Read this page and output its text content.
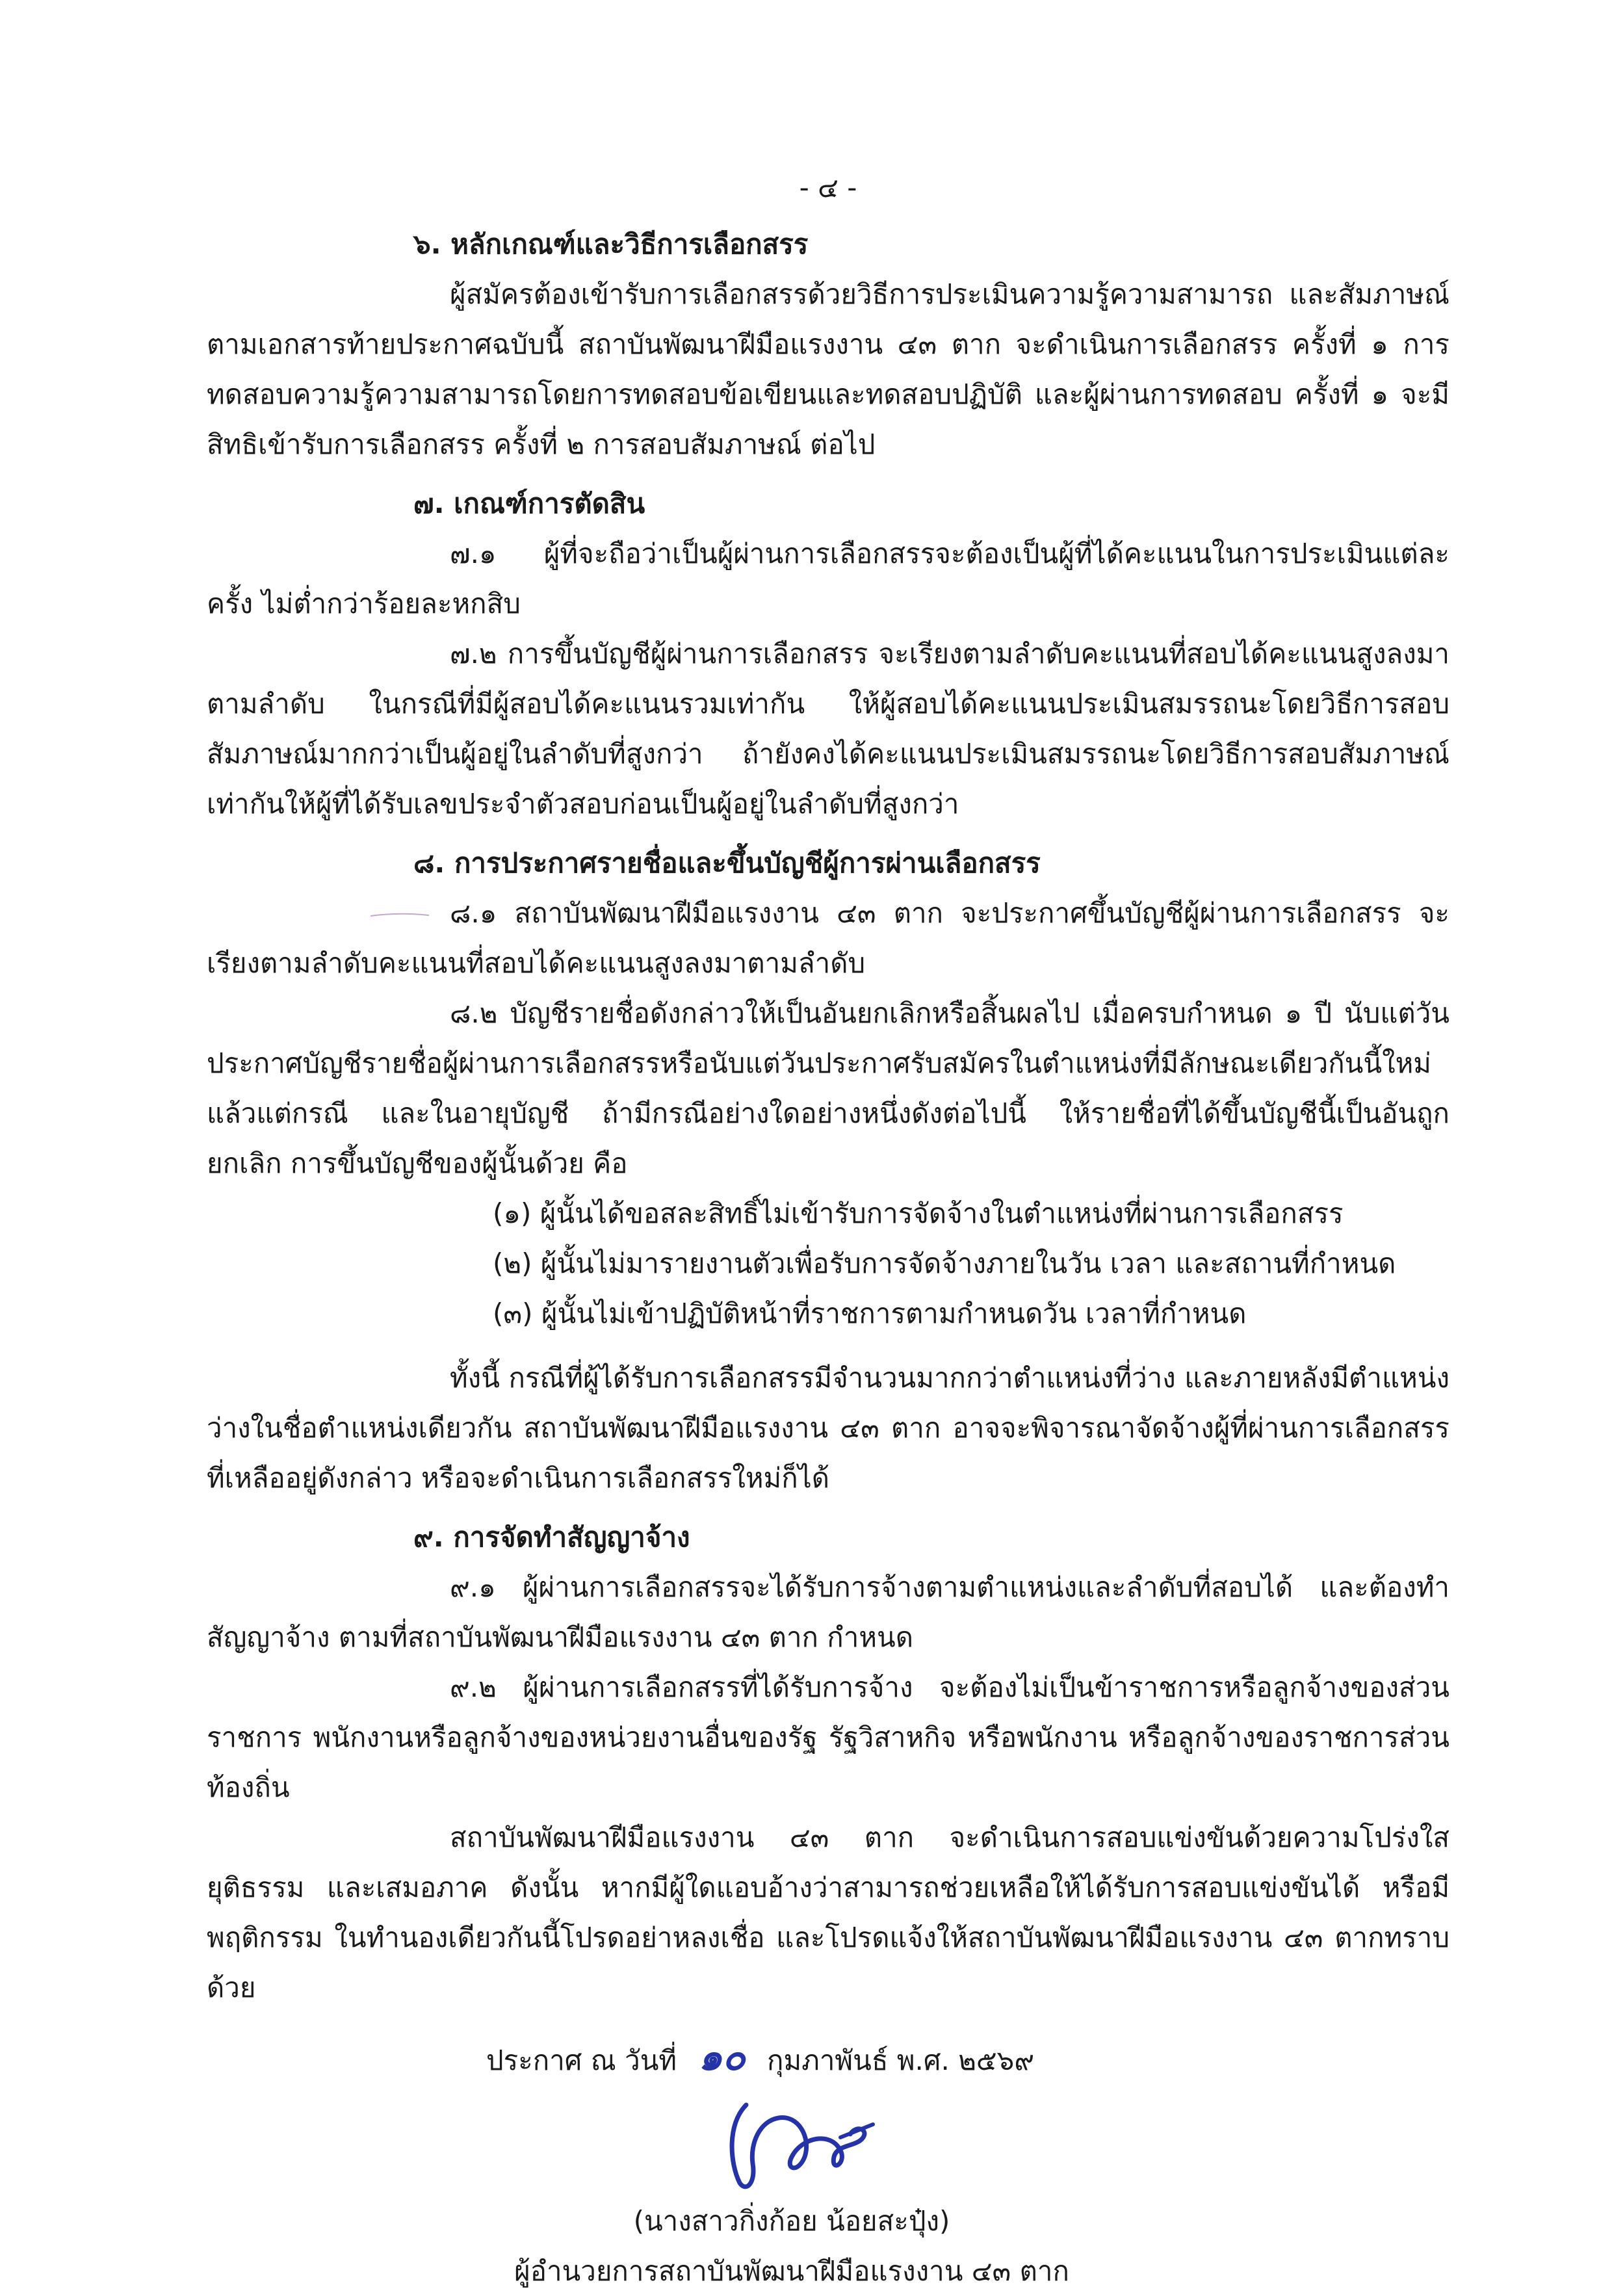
- ๔ -
๖. หลักเกณฑ์และวิธีการเลือกสรร

ผู้สมัครต้องเข้ารับการเลือกสรรด้วยวิธีการประเมินความรู้ความสามารถ และสัมภาษณ์ ตามเอกสารท้ายประกาศฉบับนี้ สถาบันพัฒนาฝีมือแรงงาน ๔๓ ตาก จะดำเนินการเลือกสรร ครั้งที่ ๑ การทดสอบความรู้ความสามารถโดยการทดสอบข้อเขียนและทดสอบปฏิบัติ และผู้ผ่านการทดสอบ ครั้งที่ ๑ จะมีสิทธิเข้ารับการเลือกสรร ครั้งที่ ๒ การสอบสัมภาษณ์ ต่อไป

๗. เกณฑ์การตัดสิน

๗.๑ ผู้ที่จะถือว่าเป็นผู้ผ่านการเลือกสรรจะต้องเป็นผู้ที่ได้คะแนนในการประเมินแต่ละครั้ง ไม่ต่ำกว่าร้อยละหกสิบ

๗.๒ การขึ้นบัญชีผู้ผ่านการเลือกสรร จะเรียงตามลำดับคะแนนที่สอบได้คะแนนสูงลงมา ตามลำดับ ในกรณีที่มีผู้สอบได้คะแนนรวมเท่ากัน ให้ผู้สอบได้คะแนนประเมินสมรรถนะโดยวิธีการสอบ สัมภาษณ์มากกว่าเป็นผู้อยู่ในลำดับที่สูงกว่า ถ้ายังคงได้คะแนนประเมินสมรรถนะโดยวิธีการสอบสัมภาษณ์ เท่ากันให้ผู้ที่ได้รับเลขประจำตัวสอบก่อนเป็นผู้อยู่ในลำดับที่สูงกว่า

๘. การประกาศรายชื่อและขึ้นบัญชีผู้การผ่านเลือกสรร

๘.๑ สถาบันพัฒนาฝีมือแรงงาน ๔๓ ตาก จะประกาศขึ้นบัญชีผู้ผ่านการเลือกสรร จะเรียงตามลำดับคะแนนที่สอบได้คะแนนสูงลงมาตามลำดับ

๘.๒ บัญชีรายชื่อดังกล่าวให้เป็นอันยกเลิกหรือสิ้นผลไป เมื่อครบกำหนด ๑ ปี นับแต่วัน ประกาศบัญชีรายชื่อผู้ผ่านการเลือกสรรหรือนับแต่วันประกาศรับสมัครในตำแหน่งที่มีลักษณะเดียวกันนี้ใหม่ แล้วแต่กรณี และในอายุบัญชี ถ้ามีกรณีอย่างใดอย่างหนึ่งดังต่อไปนี้ ให้รายชื่อที่ได้ขึ้นบัญชีนี้เป็นอันถูกยกเลิก การขึ้นบัญชีของผู้นั้นด้วย คือ

(๑) ผู้นั้นได้ขอสละสิทธิ์ไม่เข้ารับการจัดจ้างในตำแหน่งที่ผ่านการเลือกสรร
(๒) ผู้นั้นไม่มารายงานตัวเพื่อรับการจัดจ้างภายในวัน เวลา และสถานที่กำหนด
(๓) ผู้นั้นไม่เข้าปฏิบัติหน้าที่ราชการตามกำหนดวัน เวลาที่กำหนด

ทั้งนี้ กรณีที่ผู้ได้รับการเลือกสรรมีจำนวนมากกว่าตำแหน่งที่ว่าง และภายหลังมีตำแหน่ง ว่างในชื่อตำแหน่งเดียวกัน สถาบันพัฒนาฝีมือแรงงาน ๔๓ ตาก อาจจะพิจารณาจัดจ้างผู้ที่ผ่านการเลือกสรร ที่เหลืออยู่ดังกล่าว หรือจะดำเนินการเลือกสรรใหม่ก็ได้

๙. การจัดทำสัญญาจ้าง

๙.๑ ผู้ผ่านการเลือกสรรจะได้รับการจ้างตามตำแหน่งและลำดับที่สอบได้ และต้องทำสัญญาจ้าง ตามที่สถาบันพัฒนาฝีมือแรงงาน ๔๓ ตาก กำหนด

๙.๒ ผู้ผ่านการเลือกสรรที่ได้รับการจ้าง จะต้องไม่เป็นข้าราชการหรือลูกจ้างของส่วนราชการ พนักงานหรือลูกจ้างของหน่วยงานอื่นของรัฐ รัฐวิสาหกิจ หรือพนักงาน หรือลูกจ้างของราชการส่วนท้องถิ่น

สถาบันพัฒนาฝีมือแรงงาน ๔๓ ตาก จะดำเนินการสอบแข่งขันด้วยความโปร่งใส ยุติธรรม และเสมอภาค ดังนั้น หากมีผู้ใดแอบอ้างว่าสามารถช่วยเหลือให้ได้รับการสอบแข่งขันได้ หรือมีพฤติกรรม ในทำนองเดียวกันนี้โปรดอย่าหลงเชื่อ และโปรดแจ้งให้สถาบันพัฒนาฝีมือแรงงาน ๔๓ ตากทราบด้วย

ประกาศ ณ วันที่ ๑๐ กุมภาพันธ์ พ.ศ. ๒๕๖๙
(นางสาวกิ่งก้อย น้อยสะปุ๋ง)
ผู้อำนวยการสถาบันพัฒนาฝีมือแรงงาน ๔๓ ตาก
